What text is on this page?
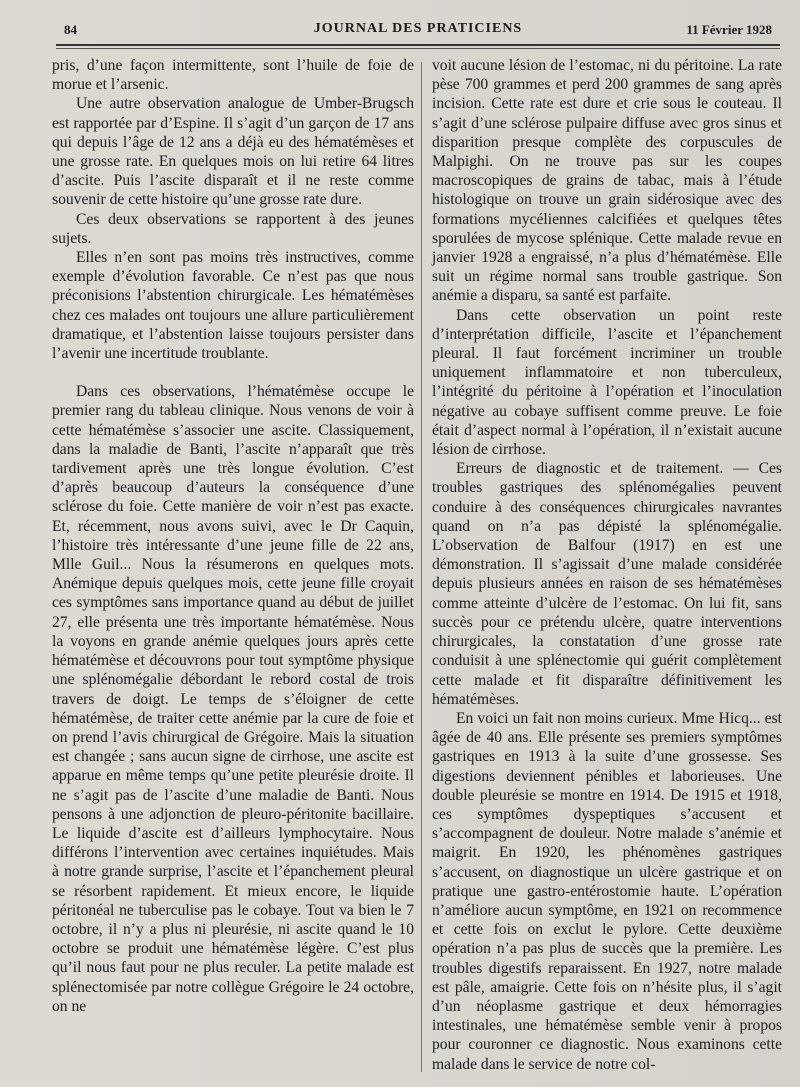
84	JOURNAL DES PRATICIENS	11 Février 1928

pris, d’une façon intermittente, sont l’huile de foie de morue et l’arsenic.

Une autre observation analogue de Umber-Brugsch est rapportée par d’Espine. Il s’agit d’un garçon de 17 ans qui depuis l’âge de 12 ans a déjà eu des hématémèses et une grosse rate. En quelques mois on lui retire 64 litres d’ascite. Puis l’ascite disparaît et il ne reste comme souvenir de cette histoire qu’une grosse rate dure.

Ces deux observations se rapportent à des jeunes sujets.

Elles n’en sont pas moins très instructives, comme exemple d’évolution favorable. Ce n’est pas que nous préconisions l’abstention chirurgicale. Les hématémèses chez ces malades ont toujours une allure particulièrement dramatique, et l’abstention laisse toujours persister dans l’avenir une incertitude troublante.

Dans ces observations, l’hématémèse occupe le premier rang du tableau clinique. Nous venons de voir à cette hématémèse s’associer une ascite. Classiquement, dans la maladie de Banti, l’ascite n’apparaît que très tardivement après une très longue évolution. C’est d’après beaucoup d’auteurs la conséquence d’une sclérose du foie. Cette manière de voir n’est pas exacte. Et, récemment, nous avons suivi, avec le Dr Caquin, l’histoire très intéressante d’une jeune fille de 22 ans, Mlle Guil... Nous la résumerons en quelques mots. Anémique depuis quelques mois, cette jeune fille croyait ces symptômes sans importance quand au début de juillet 27, elle présenta une très importante hématémèse. Nous la voyons en grande anémie quelques jours après cette hématémèse et découvrons pour tout symptôme physique une splénomégalie débordant le rebord costal de trois travers de doigt. Le temps de s’éloigner de cette hématémèse, de traiter cette anémie par la cure de foie et on prend l’avis chirurgical de Grégoire. Mais la situation est changée ; sans aucun signe de cirrhose, une ascite est apparue en même temps qu’une petite pleurésie droite. Il ne s’agit pas de l’ascite d’une maladie de Banti. Nous pensons à une adjonction de pleuro-péritonite bacillaire. Le liquide d’ascite est d’ailleurs lymphocytaire. Nous différons l’intervention avec certaines inquiétudes. Mais à notre grande surprise, l’ascite et l’épanchement pleural se résorbent rapidement. Et mieux encore, le liquide péritonéal ne tuberculise pas le cobaye. Tout va bien le 7 octobre, il n’y a plus ni pleurésie, ni ascite quand le 10 octobre se produit une hématémèse légère. C’est plus qu’il nous faut pour ne plus reculer. La petite malade est splénectomisée par notre collègue Grégoire le 24 octobre, on ne

voit aucune lésion de l’estomac, ni du péritoine. La rate pèse 700 grammes et perd 200 grammes de sang après incision. Cette rate est dure et crie sous le couteau. Il s’agit d’une sclérose pulpaire diffuse avec gros sinus et disparition presque complète des corpuscules de Malpighi. On ne trouve pas sur les coupes macroscopiques de grains de tabac, mais à l’étude histologique on trouve un grain sidérosique avec des formations mycéliennes calcifiées et quelques têtes sporulées de mycose splénique. Cette malade revue en janvier 1928 a engraissé, n’a plus d’hématémèse. Elle suit un régime normal sans trouble gastrique. Son anémie a disparu, sa santé est parfaite.

Dans cette observation un point reste d’interprétation difficile, l’ascite et l’épanchement pleural. Il faut forcément incriminer un trouble uniquement inflammatoire et non tuberculeux, l’intégrité du péritoine à l’opération et l’inoculation négative au cobaye suffisent comme preuve. Le foie était d’aspect normal à l’opération, il n’existait aucune lésion de cirrhose.

Erreurs de diagnostic et de traitement. — Ces troubles gastriques des splénomégalies peuvent conduire à des conséquences chirurgicales navrantes quand on n’a pas dépisté la splénomégalie. L’observation de Balfour (1917) en est une démonstration. Il s’agissait d’une malade considérée depuis plusieurs années en raison de ses hématémèses comme atteinte d’ulcère de l’estomac. On lui fit, sans succès pour ce prétendu ulcère, quatre interventions chirurgicales, la constatation d’une grosse rate conduisit à une splénectomie qui guérit complètement cette malade et fit disparaître définitivement les hématémèses.

En voici un fait non moins curieux. Mme Hicq... est âgée de 40 ans. Elle présente ses premiers symptômes gastriques en 1913 à la suite d’une grossesse. Ses digestions deviennent pénibles et laborieuses. Une double pleurésie se montre en 1914. De 1915 et 1918, ces symptômes dyspeptiques s’accusent et s’accompagnent de douleur. Notre malade s’anémie et maigrit. En 1920, les phénomènes gastriques s’accusent, on diagnostique un ulcère gastrique et on pratique une gastro-entérostomie haute. L’opération n’améliore aucun symptôme, en 1921 on recommence et cette fois on exclut le pylore. Cette deuxième opération n’a pas plus de succès que la première. Les troubles digestifs reparaissent. En 1927, notre malade est pâle, amaigrie. Cette fois on n’hésite plus, il s’agit d’un néoplasme gastrique et deux hémorragies intestinales, une hématémèse semble venir à propos pour couronner ce diagnostic. Nous examinons cette malade dans le service de notre col-
